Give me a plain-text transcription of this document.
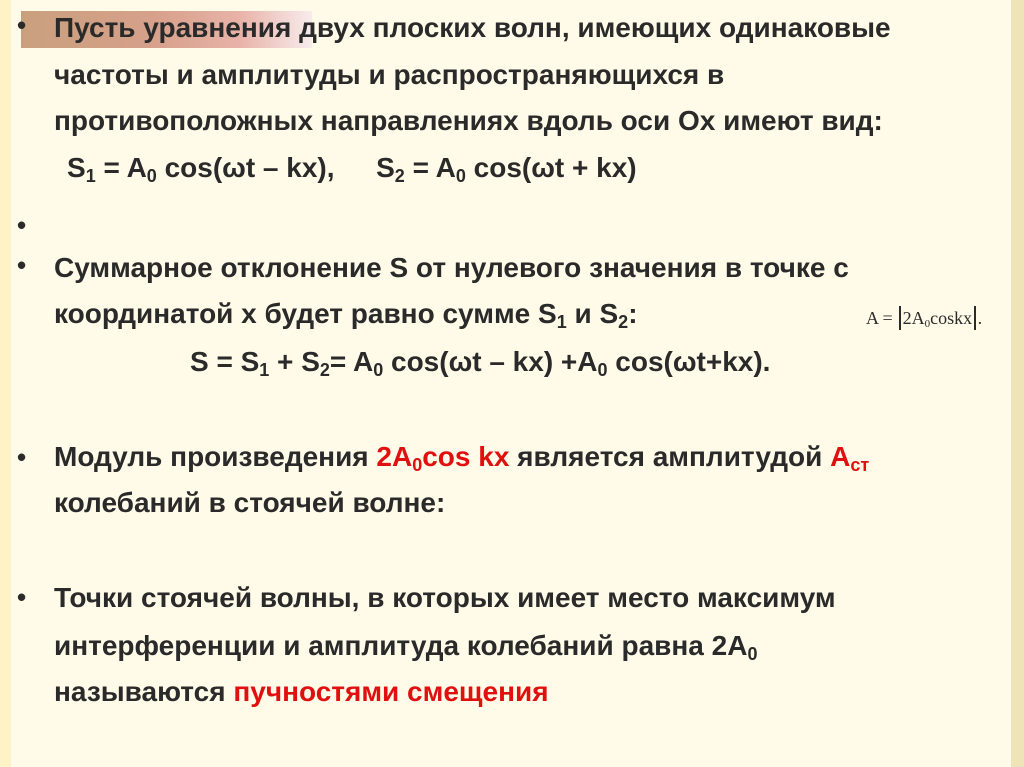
• Пусть уравнения двух плоских волн, имеющих одинаковые
частоты и амплитуды и распространяющихся в
противоположных направлениях вдоль оси Ох имеют вид:
$S_1 = A_0$ cos(ωt – kx), $S_2 = A_0$ cos(ωt + kx)
•
• Суммарное отклонение S от нулевого значения в точке с
координатой х будет равно сумме $S_1$ и $S_2$:	$A = 2A_0coskx$ .
$S = S_1 + S_2= A_0$ $\cos(\omega t - kx) +A_0$ cos(ωt+kx).
• Модуль произведения $2A_0\cos$ kx является амплитудой $A_{ст}$
колебаний в стоячей волне:
• Точки стоячей волны, в которых имеет место максимум
интерференции и амплитуда колебаний равна $2A_0$
называются пучностями смещения
